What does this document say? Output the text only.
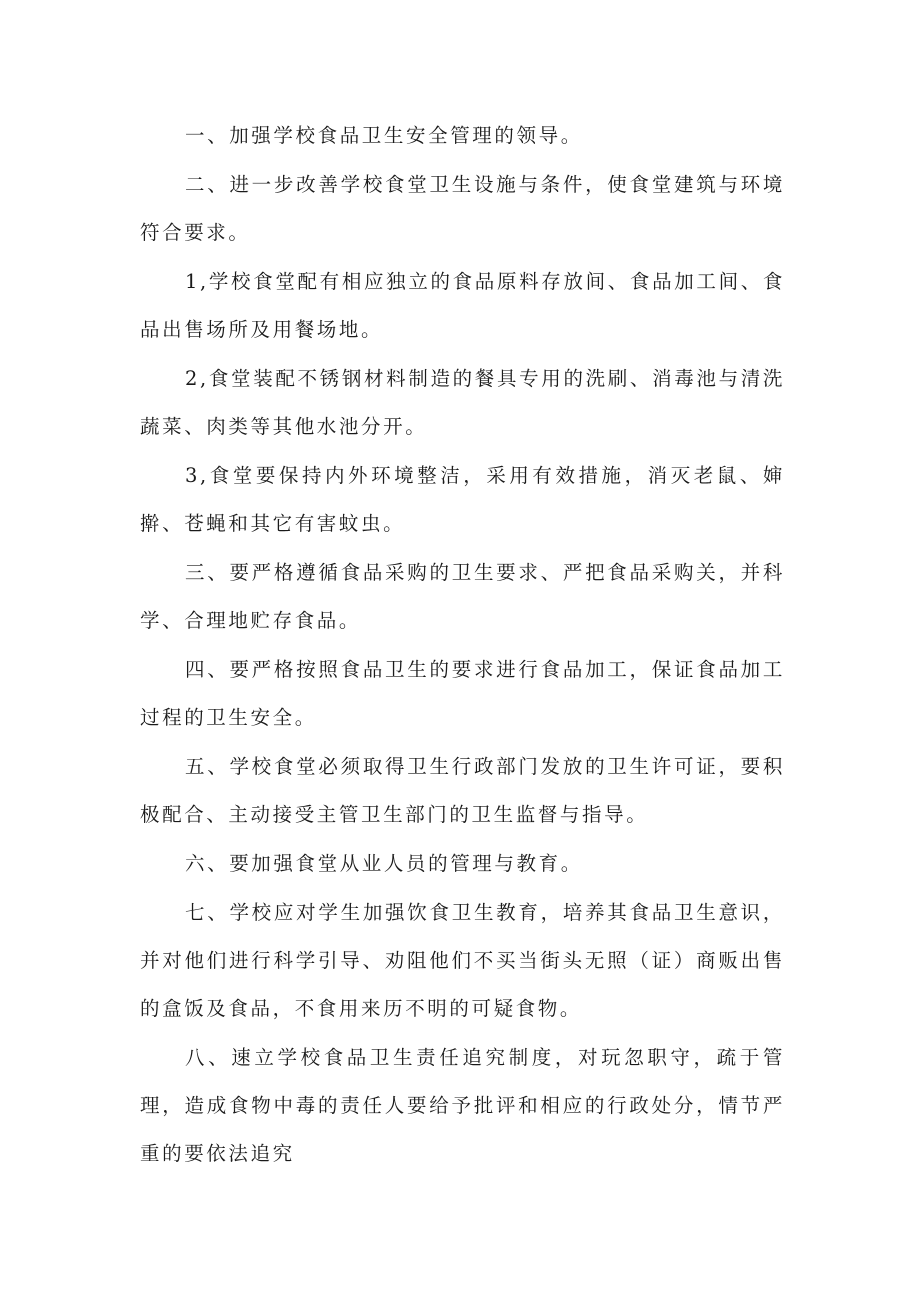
一、加强学校食品卫生安全管理的领导。

二、进一步改善学校食堂卫生设施与条件，使食堂建筑与环境符合要求。

1,学校食堂配有相应独立的食品原料存放间、食品加工间、食品出售场所及用餐场地。

2,食堂装配不锈钢材料制造的餐具专用的洗刷、消毒池与清洗蔬菜、肉类等其他水池分开。

3,食堂要保持内外环境整洁，采用有效措施，消灭老鼠、婶擀、苍蝇和其它有害蚊虫。

三、要严格遵循食品采购的卫生要求、严把食品采购关，并科学、合理地贮存食品。

四、要严格按照食品卫生的要求进行食品加工，保证食品加工过程的卫生安全。

五、学校食堂必须取得卫生行政部门发放的卫生许可证，要积极配合、主动接受主管卫生部门的卫生监督与指导。

六、要加强食堂从业人员的管理与教育。

七、学校应对学生加强饮食卫生教育，培养其食品卫生意识，并对他们进行科学引导、劝阻他们不买当街头无照（证）商贩出售的盒饭及食品，不食用来历不明的可疑食物。

八、速立学校食品卫生责任追究制度，对玩忽职守，疏于管理，造成食物中毒的责任人要给予批评和相应的行政处分，情节严重的要依法追究
